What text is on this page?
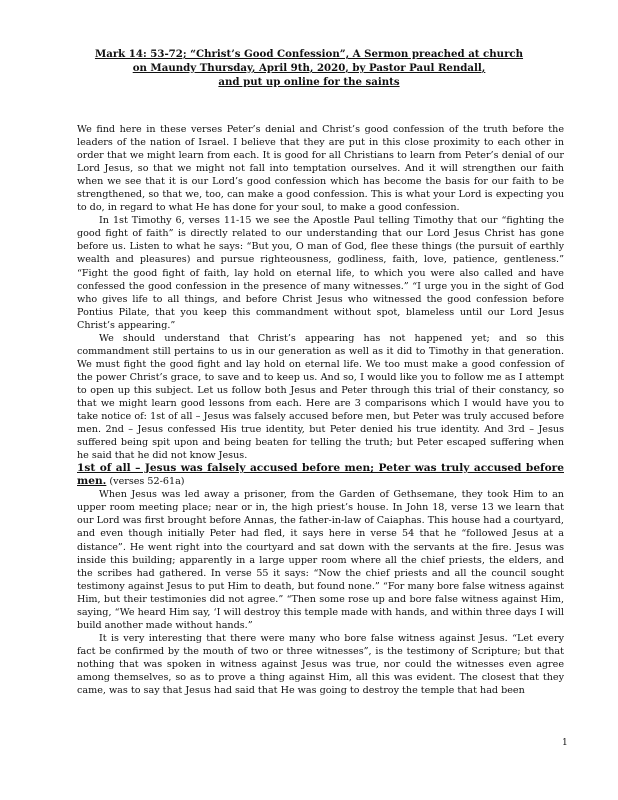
Mark 14: 53-72; “Christ’s Good Confession”, A Sermon preached at church
on Maundy Thursday, April 9th, 2020, by Pastor Paul Rendall,
and put up online for the saints

We find here in these verses Peter’s denial and Christ’s good confession of the truth before the leaders of the nation of Israel. I believe that they are put in this close proximity to each other in order that we might learn from each. It is good for all Christians to learn from Peter’s denial of our Lord Jesus, so that we might not fall into temptation ourselves. And it will strengthen our faith when we see that it is our Lord’s good confession which has become the basis for our faith to be strengthened, so that we, too, can make a good confession. This is what your Lord is expecting you to do, in regard to what He has done for your soul, to make a good confession.

In 1st Timothy 6, verses 11-15 we see the Apostle Paul telling Timothy that our “fighting the good fight of faith” is directly related to our understanding that our Lord Jesus Christ has gone before us. Listen to what he says: “But you, O man of God, flee these things (the pursuit of earthly wealth and pleasures) and pursue righteousness, godliness, faith, love, patience, gentleness.” “Fight the good fight of faith, lay hold on eternal life, to which you were also called and have confessed the good confession in the presence of many witnesses.” “I urge you in the sight of God who gives life to all things, and before Christ Jesus who witnessed the good confession before Pontius Pilate, that you keep this commandment without spot, blameless until our Lord Jesus Christ’s appearing.”

We should understand that Christ’s appearing has not happened yet; and so this commandment still pertains to us in our generation as well as it did to Timothy in that generation. We must fight the good fight and lay hold on eternal life. We too must make a good confession of the power Christ’s grace, to save and to keep us. And so, I would like you to follow me as I attempt to open up this subject. Let us follow both Jesus and Peter through this trial of their constancy, so that we might learn good lessons from each. Here are 3 comparisons which I would have you to take notice of: 1st of all – Jesus was falsely accused before men, but Peter was truly accused before men. 2nd – Jesus confessed His true identity, but Peter denied his true identity. And 3rd – Jesus suffered being spit upon and being beaten for telling the truth; but Peter escaped suffering when he said that he did not know Jesus.

1st of all – Jesus was falsely accused before men; Peter was truly accused before men. (verses 52-61a)

When Jesus was led away a prisoner, from the Garden of Gethsemane, they took Him to an upper room meeting place; near or in, the high priest’s house. In John 18, verse 13 we learn that our Lord was first brought before Annas, the father-in-law of Caiaphas. This house had a courtyard, and even though initially Peter had fled, it says here in verse 54 that he “followed Jesus at a distance”. He went right into the courtyard and sat down with the servants at the fire. Jesus was inside this building; apparently in a large upper room where all the chief priests, the elders, and the scribes had gathered. In verse 55 it says: “Now the chief priests and all the council sought testimony against Jesus to put Him to death, but found none.” “For many bore false witness against Him, but their testimonies did not agree.” “Then some rose up and bore false witness against Him, saying, “We heard Him say, ‘I will destroy this temple made with hands, and within three days I will build another made without hands.”

It is very interesting that there were many who bore false witness against Jesus. “Let every fact be confirmed by the mouth of two or three witnesses”, is the testimony of Scripture; but that nothing that was spoken in witness against Jesus was true, nor could the witnesses even agree among themselves, so as to prove a thing against Him, all this was evident. The closest that they came, was to say that Jesus had said that He was going to destroy the temple that had been

1
